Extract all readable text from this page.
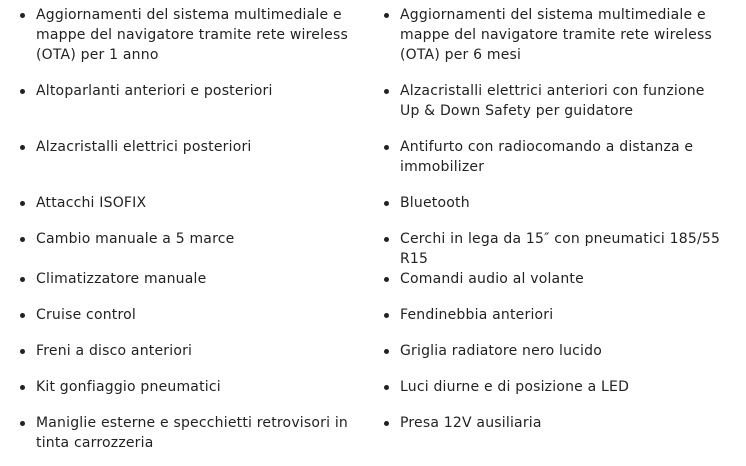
Aggiornamenti del sistema multimediale e mappe del navigatore tramite rete wireless (OTA) per 1 anno
Aggiornamenti del sistema multimediale e mappe del navigatore tramite rete wireless (OTA) per 6 mesi
Altoparlanti anteriori e posteriori	Alzacristalli elettrici anteriori con funzione Up & Down Safety per guidatore
Alzacristalli elettrici posteriori	Antifurto con radiocomando a distanza e immobilizer
Attacchi ISOFIX	Bluetooth
Cambio manuale a 5 marce	Cerchi in lega da 15″ con pneumatici 185/55 R15
Climatizzatore manuale	Comandi audio al volante
Cruise control	Fendinebbia anteriori
Freni a disco anteriori	Griglia radiatore nero lucido
Kit gonfiaggio pneumatici	Luci diurne e di posizione a LED
Maniglie esterne e specchietti retrovisori in tinta carrozzeria
Presa 12V ausiliaria
